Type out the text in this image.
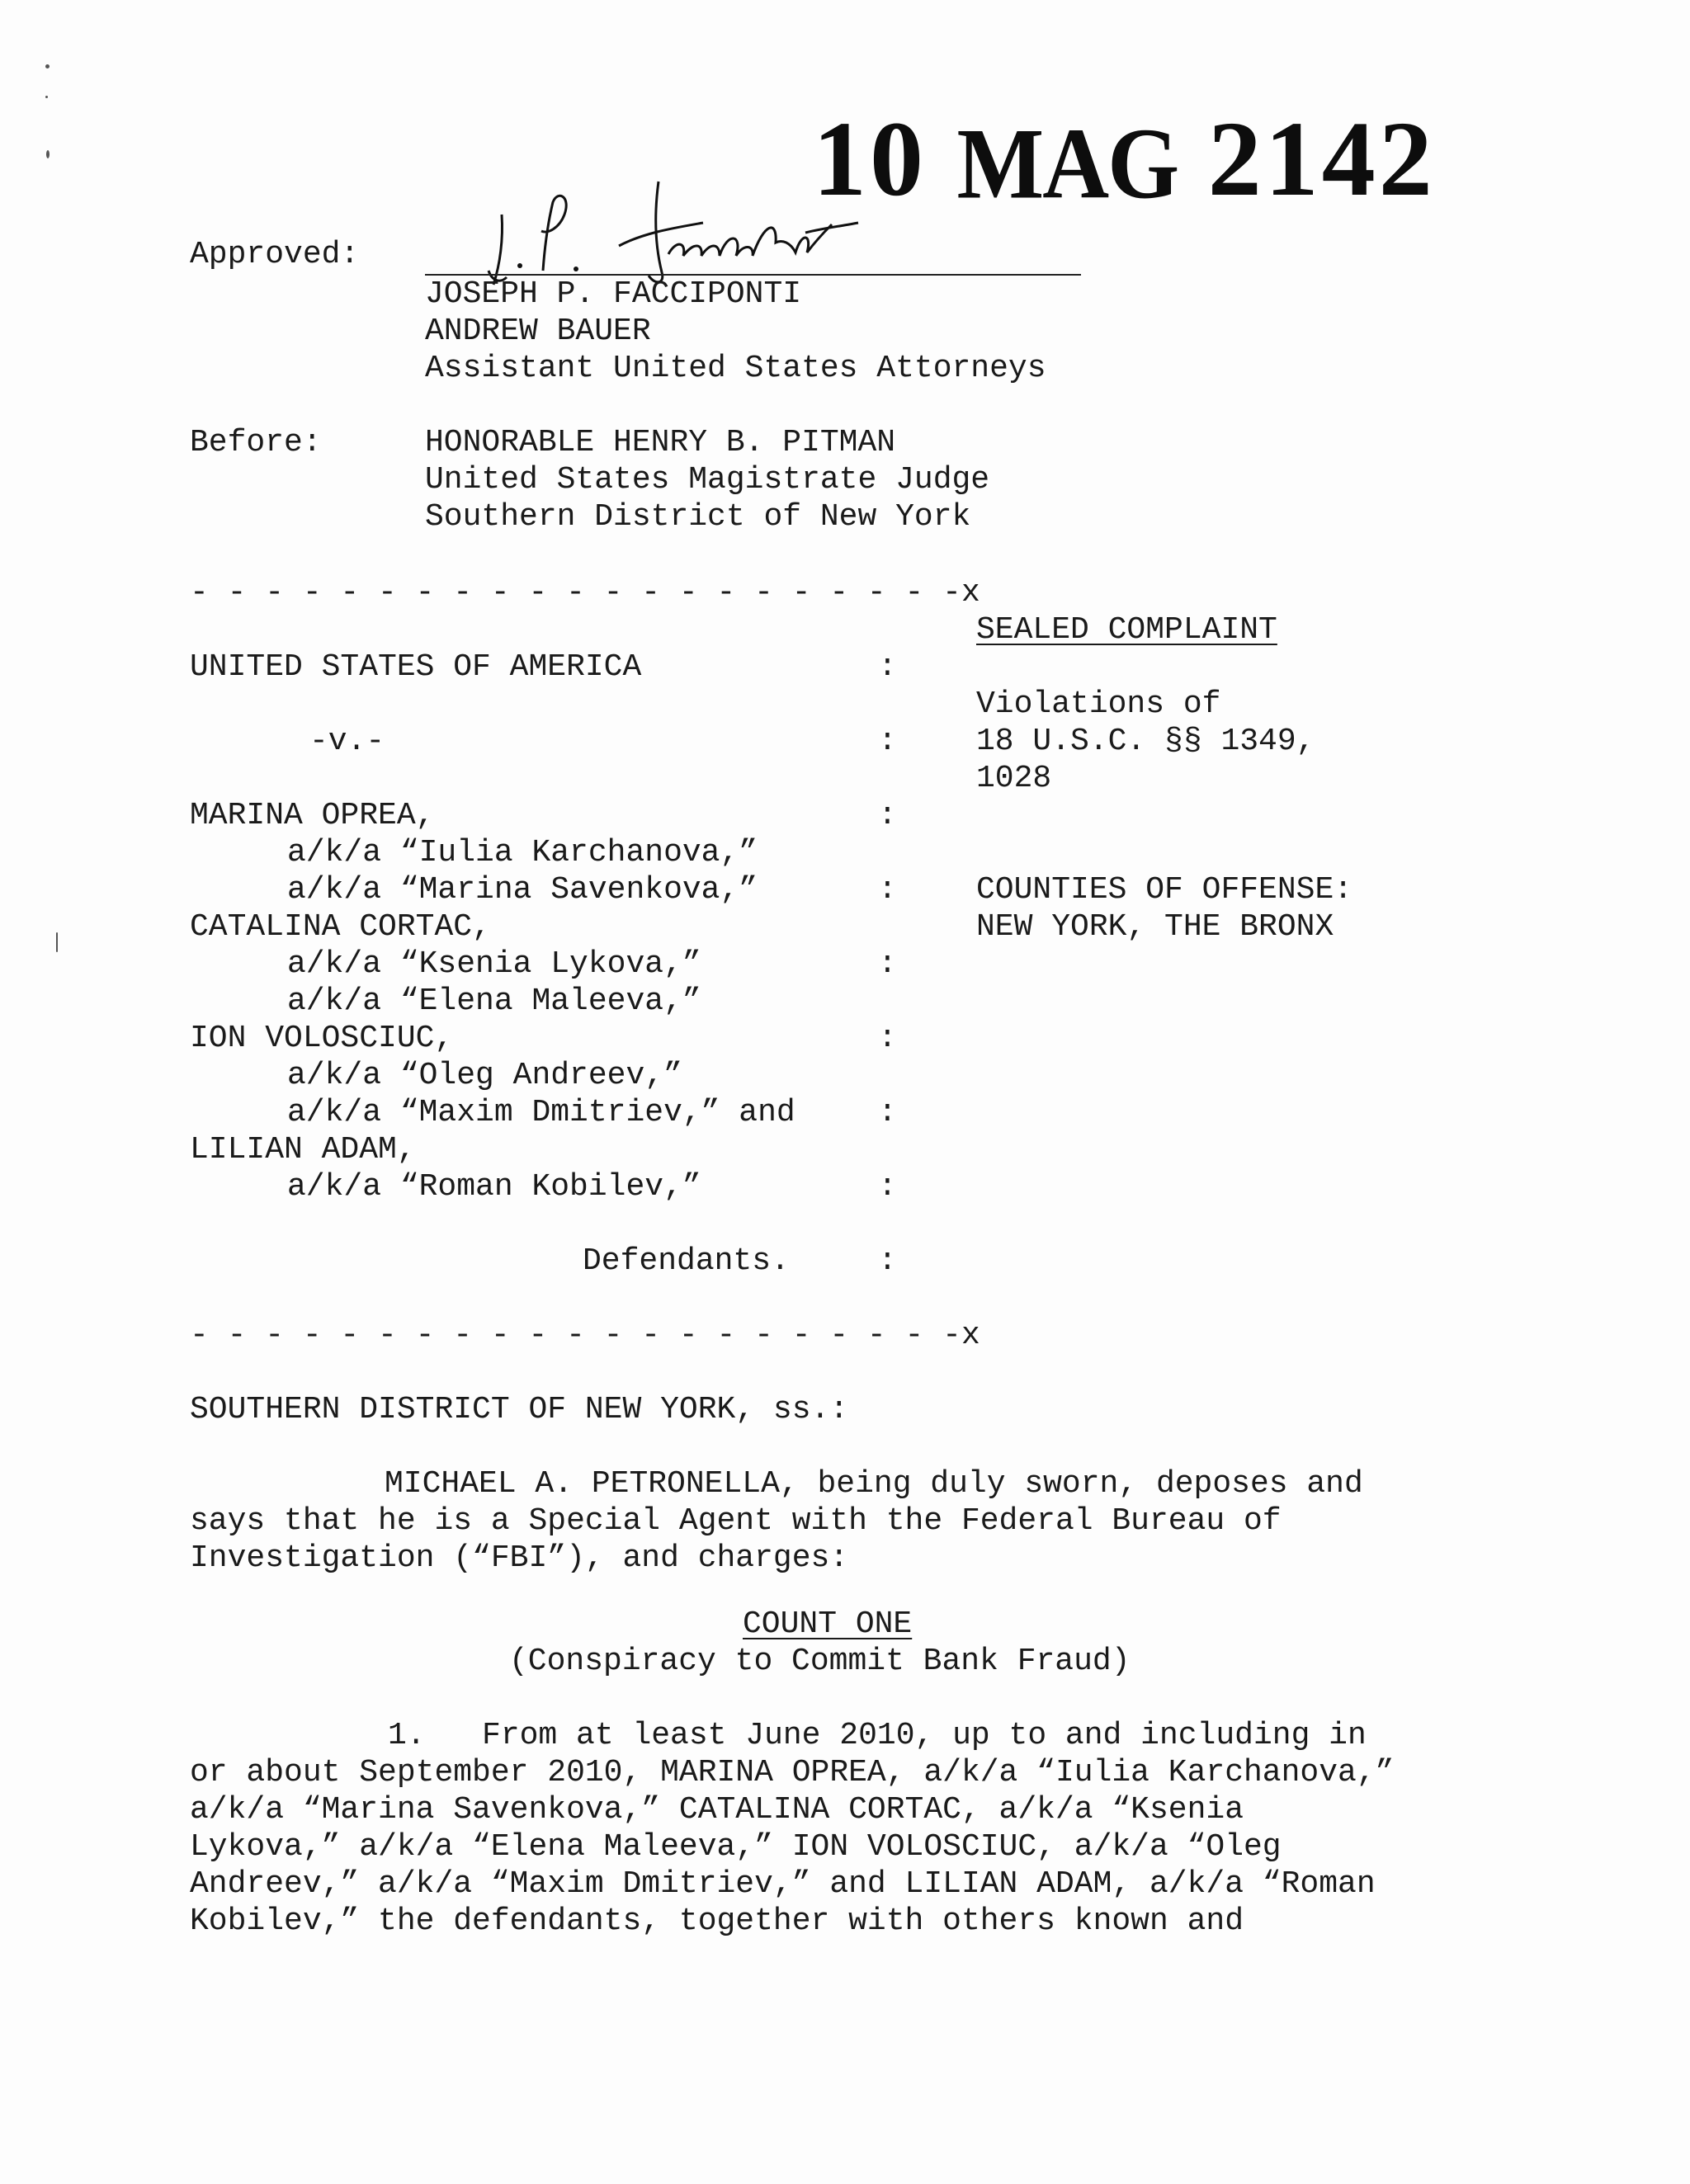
10 MAG 2142
Approved:
JOSEPH P. FACCIPONTI
ANDREW BAUER
Assistant United States Attorneys
Before:	HONORABLE HENRY B. PITMAN
United States Magistrate Judge
Southern District of New York
- - - - - - - - - - - - - - - - - - - - -x
UNITED STATES OF AMERICA
-v.-
MARINA OPREA,
a/k/a “Iulia Karchanova,”
a/k/a “Marina Savenkova,”
CATALINA CORTAC,
a/k/a “Ksenia Lykova,”
a/k/a “Elena Maleeva,”
ION VOLOSCIUC,
a/k/a “Oleg Andreev,”
a/k/a “Maxim Dmitriev,” and
LILIAN ADAM,
a/k/a “Roman Kobilev,”
Defendants.
:
:
:
:
:
:
:
:
:
- - - - - - - - - - - - - - - - - - - - -x
SEALED COMPLAINT
Violations of
18 U.S.C. §§ 1349,
1028
COUNTIES OF OFFENSE:
NEW YORK, THE BRONX
SOUTHERN DISTRICT OF NEW YORK, ss.:
MICHAEL A. PETRONELLA, being duly sworn, deposes and
says that he is a Special Agent with the Federal Bureau of
Investigation (“FBI”), and charges:
COUNT ONE
(Conspiracy to Commit Bank Fraud)
1.   From at least June 2010, up to and including in
or about September 2010, MARINA OPREA, a/k/a “Iulia Karchanova,”
a/k/a “Marina Savenkova,” CATALINA CORTAC, a/k/a “Ksenia
Lykova,” a/k/a “Elena Maleeva,” ION VOLOSCIUC, a/k/a “Oleg
Andreev,” a/k/a “Maxim Dmitriev,” and LILIAN ADAM, a/k/a “Roman
Kobilev,” the defendants, together with others known and
